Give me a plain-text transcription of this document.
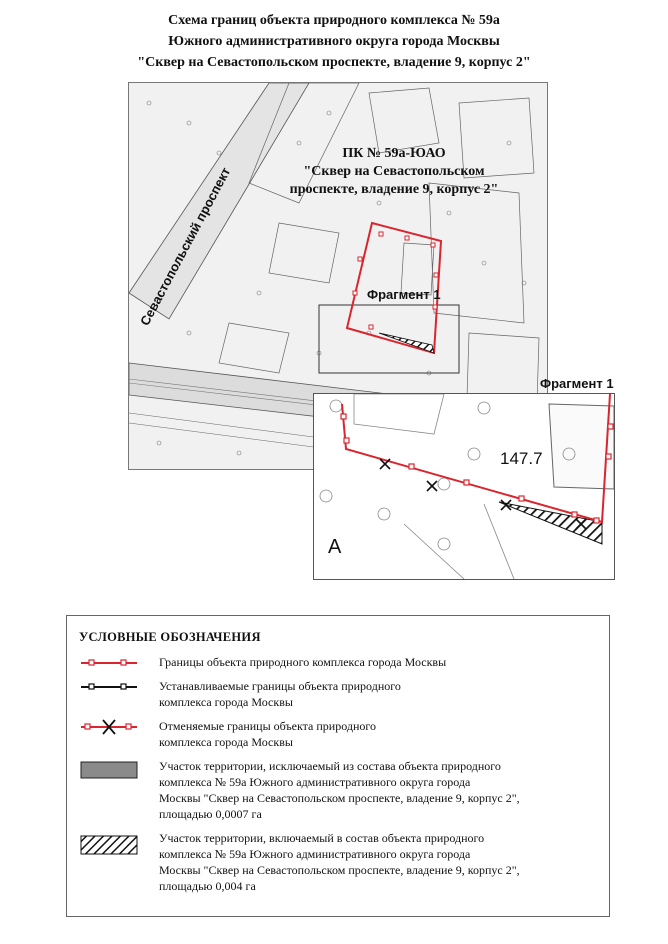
Схема границ объекта природного комплекса № 59а
Южного административного округа города Москвы
"Сквер на Севастопольском проспекте, владение 9, корпус 2"
ПК № 59а-ЮАО
"Сквер на Севастопольском
проспекте, владение 9, корпус 2"
Севастопольский проспект	Фрагмент 1
Фрагмент 1
147.7
А
УСЛОВНЫЕ ОБОЗНАЧЕНИЯ
Границы объекта природного комплекса города Москвы
Устанавливаемые границы объекта природного
комплекса города Москвы
Отменяемые границы объекта природного
комплекса города Москвы
Участок территории, исключаемый из состава объекта природного
комплекса № 59а Южного административного округа города
Москвы "Сквер на Севастопольском проспекте, владение 9, корпус 2",
площадью 0,0007 га
Участок территории, включаемый в состав объекта природного
комплекса № 59а Южного административного округа города
Москвы "Сквер на Севастопольском проспекте, владение 9, корпус 2",
площадью 0,004 га
